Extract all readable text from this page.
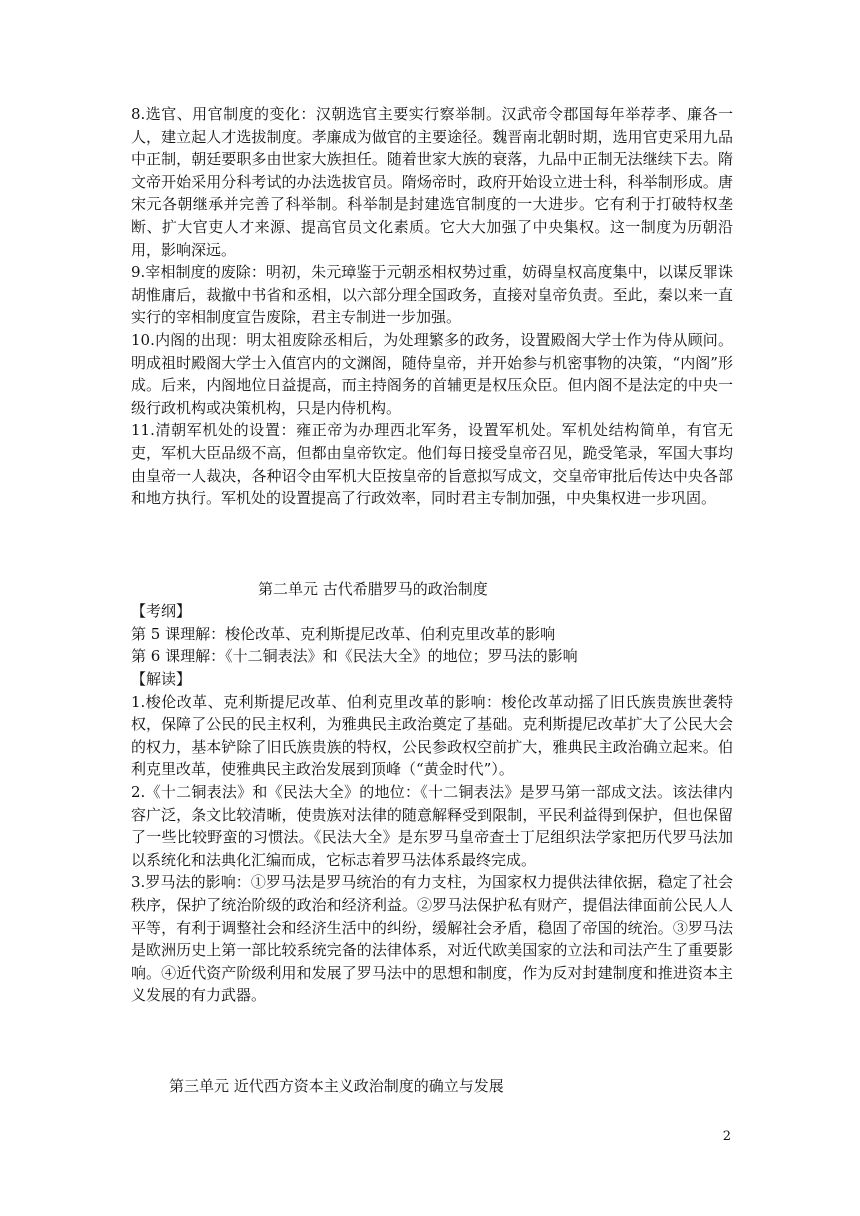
8.选官、用官制度的变化：汉朝选官主要实行察举制。汉武帝令郡国每年举荐孝、廉各一人，建立起人才选拔制度。孝廉成为做官的主要途径。魏晋南北朝时期，选用官吏采用九品中正制，朝廷要职多由世家大族担任。随着世家大族的衰落，九品中正制无法继续下去。隋文帝开始采用分科考试的办法选拔官员。隋炀帝时，政府开始设立进士科，科举制形成。唐宋元各朝继承并完善了科举制。科举制是封建选官制度的一大进步。它有利于打破特权垄断、扩大官吏人才来源、提高官员文化素质。它大大加强了中央集权。这一制度为历朝沿用，影响深远。

9.宰相制度的废除：明初，朱元璋鉴于元朝丞相权势过重，妨碍皇权高度集中，以谋反罪诛胡惟庸后，裁撤中书省和丞相，以六部分理全国政务，直接对皇帝负责。至此，秦以来一直实行的宰相制度宣告废除，君主专制进一步加强。

10.内阁的出现：明太祖废除丞相后，为处理繁多的政务，设置殿阁大学士作为侍从顾问。明成祖时殿阁大学士入值宫内的文渊阁，随侍皇帝，并开始参与机密事物的决策，“内阁”形成。后来，内阁地位日益提高，而主持阁务的首辅更是权压众臣。但内阁不是法定的中央一级行政机构或决策机构，只是内侍机构。

11.清朝军机处的设置：雍正帝为办理西北军务，设置军机处。军机处结构简单，有官无吏，军机大臣品级不高，但都由皇帝钦定。他们每日接受皇帝召见，跪受笔录，军国大事均由皇帝一人裁决，各种诏令由军机大臣按皇帝的旨意拟写成文，交皇帝审批后传达中央各部和地方执行。军机处的设置提高了行政效率，同时君主专制加强，中央集权进一步巩固。

第二单元 古代希腊罗马的政治制度

【考纲】

第 5 课理解：梭伦改革、克利斯提尼改革、伯利克里改革的影响

第 6 课理解：《十二铜表法》和《民法大全》的地位；罗马法的影响

【解读】

1.梭伦改革、克利斯提尼改革、伯利克里改革的影响：梭伦改革动摇了旧氏族贵族世袭特权，保障了公民的民主权利，为雅典民主政治奠定了基础。克利斯提尼改革扩大了公民大会的权力，基本铲除了旧氏族贵族的特权，公民参政权空前扩大，雅典民主政治确立起来。伯利克里改革，使雅典民主政治发展到顶峰（“黄金时代”）。

2.《十二铜表法》和《民法大全》的地位：《十二铜表法》是罗马第一部成文法。该法律内容广泛，条文比较清晰，使贵族对法律的随意解释受到限制，平民利益得到保护，但也保留了一些比较野蛮的习惯法。《民法大全》是东罗马皇帝查士丁尼组织法学家把历代罗马法加以系统化和法典化汇编而成，它标志着罗马法体系最终完成。

3.罗马法的影响：①罗马法是罗马统治的有力支柱，为国家权力提供法律依据，稳定了社会秩序，保护了统治阶级的政治和经济利益。②罗马法保护私有财产，提倡法律面前公民人人平等，有利于调整社会和经济生活中的纠纷，缓解社会矛盾，稳固了帝国的统治。③罗马法是欧洲历史上第一部比较系统完备的法律体系，对近代欧美国家的立法和司法产生了重要影响。④近代资产阶级利用和发展了罗马法中的思想和制度，作为反对封建制度和推进资本主义发展的有力武器。

第三单元 近代西方资本主义政治制度的确立与发展

2
